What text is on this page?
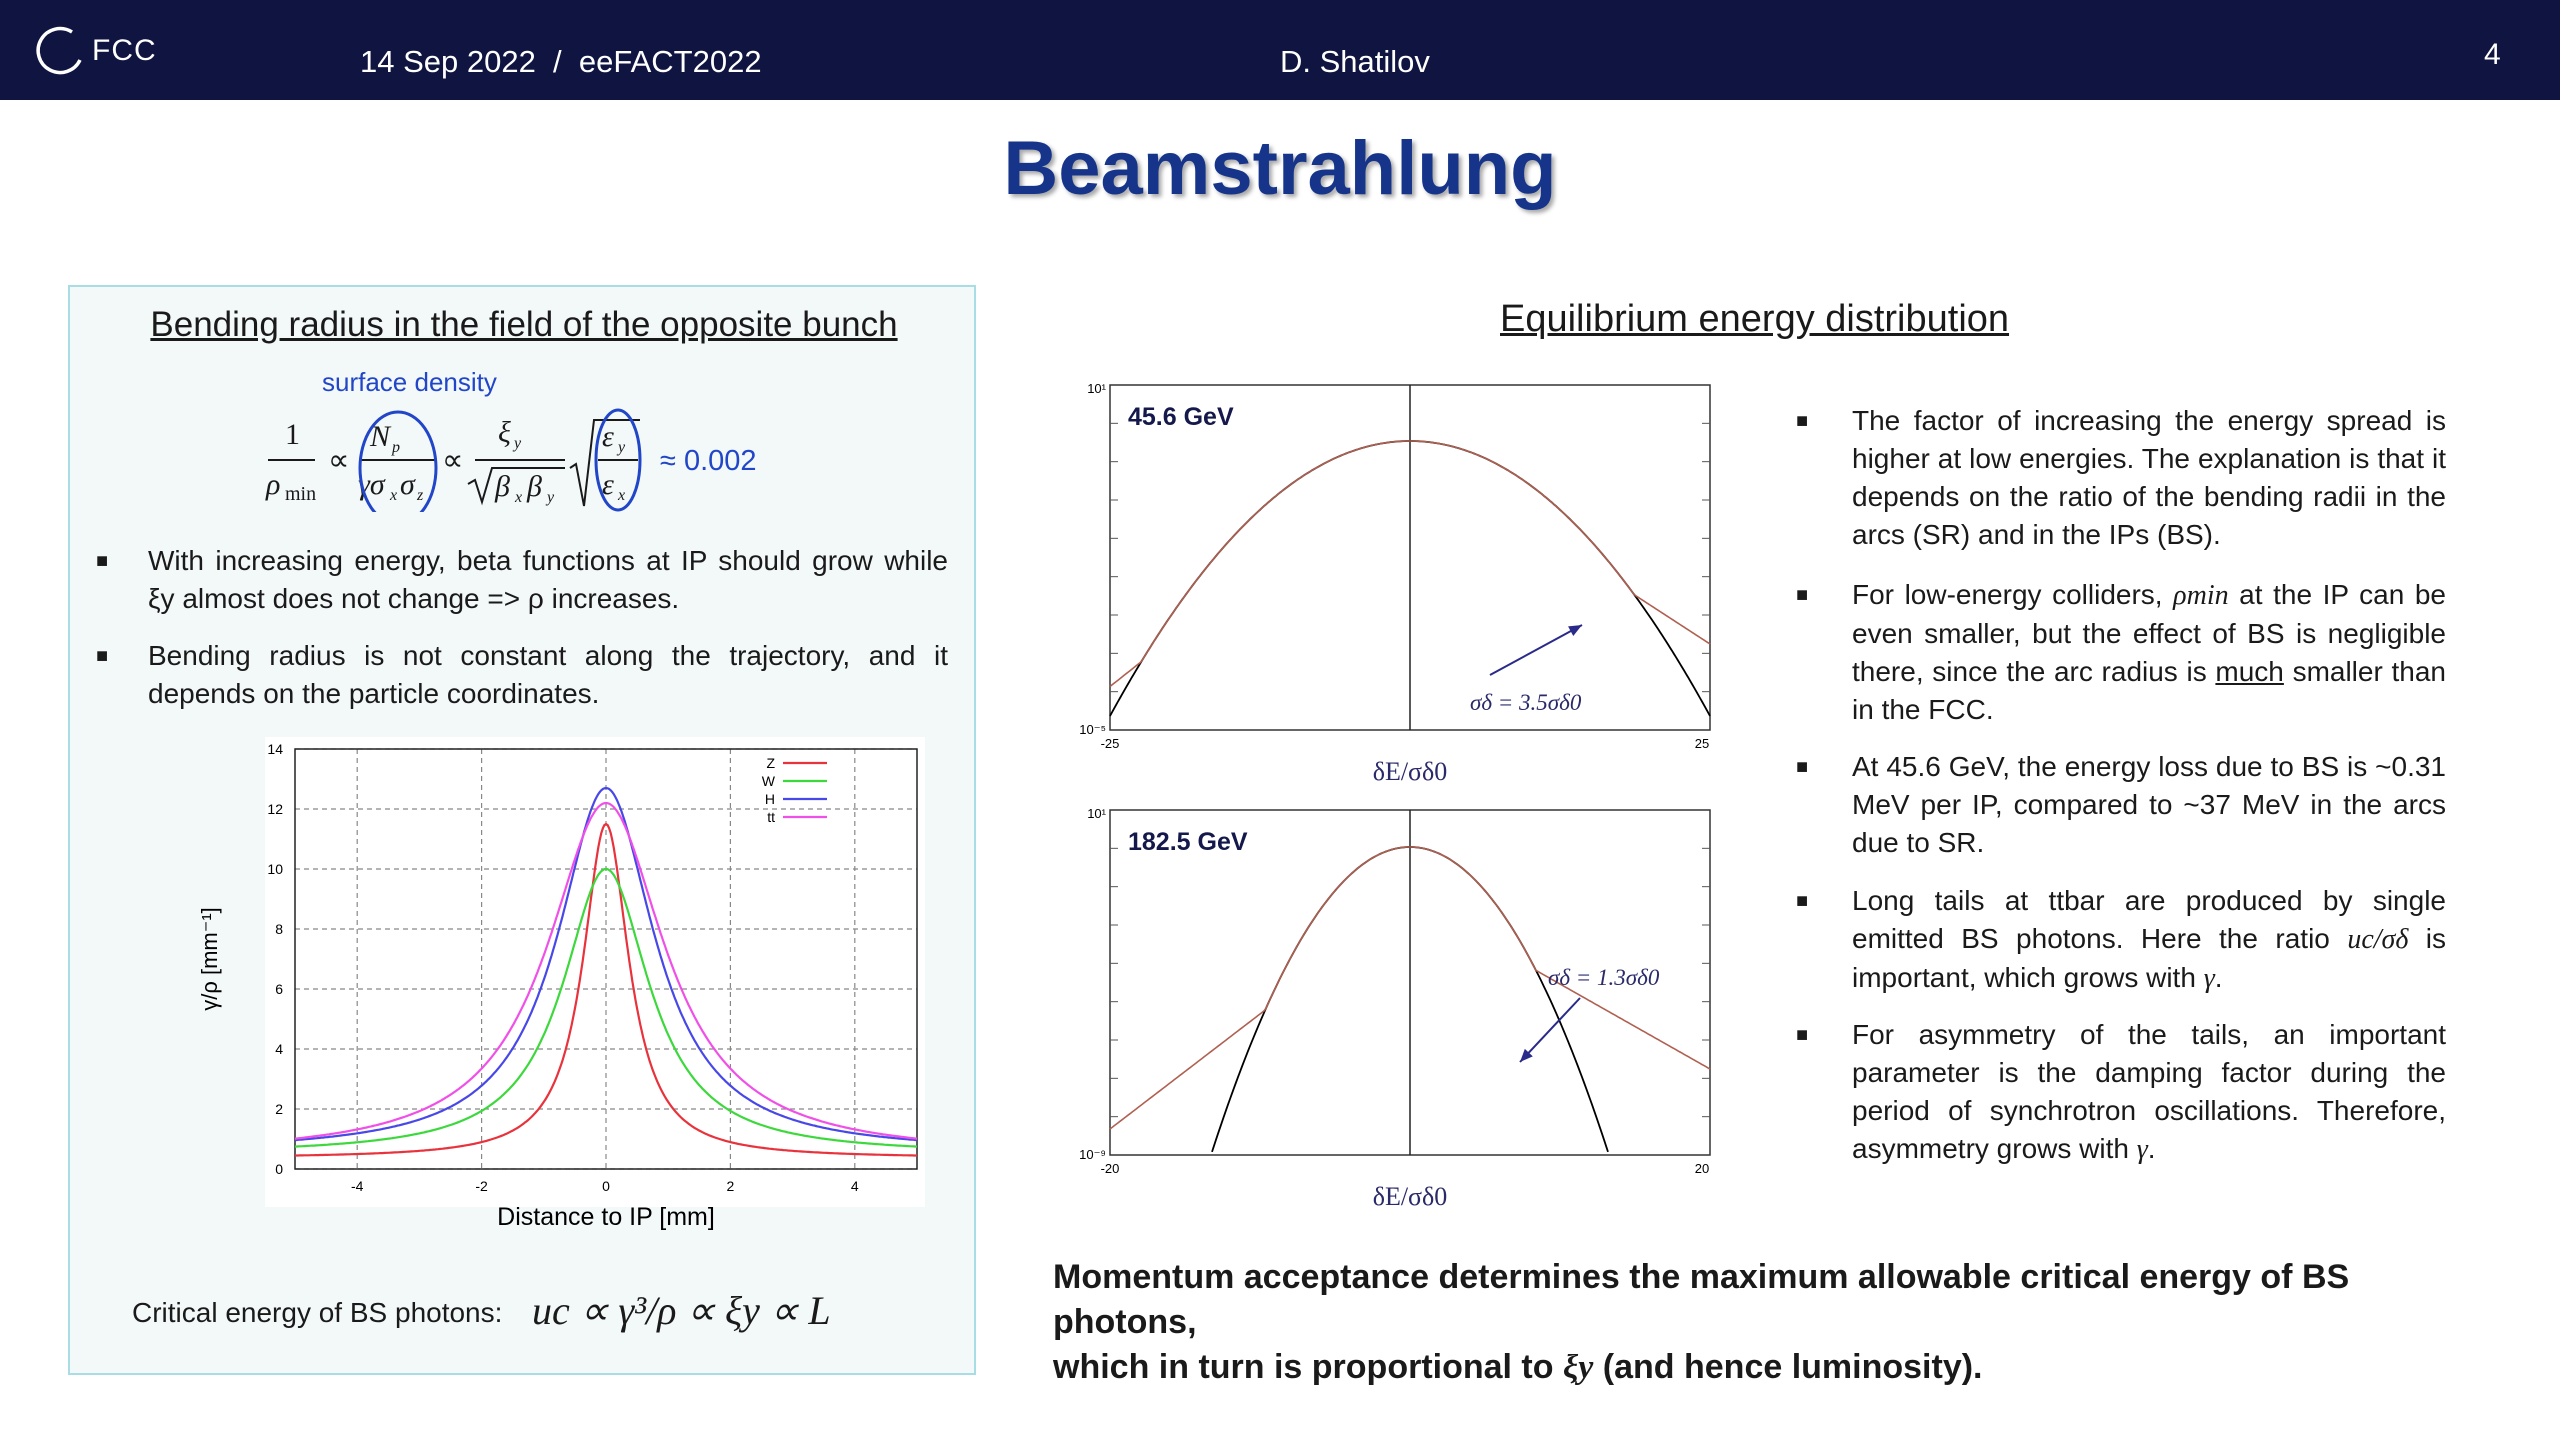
FCC	14 Sep 2022  /  eeFACT2022	D. Shatilov	4
Beamstrahlung
Bending radius in the field of the opposite bunch
surface density
1
ρ min
∝
N p
γσ x σ z
∝
ξ y
β x β y
ε y
ε x
≈ 0.002
■ With increasing energy, beta functions at IP should grow while ξy almost does not change => ρ increases.
■ Bending radius is not constant along the trajectory, and it depends on the particle coordinates.
-4	-2	0	2	4
0
2
4
6
8
10
12
14
Z
W
H
tt
γ/ρ [mm⁻¹]
Distance to IP [mm]
Critical energy of BS photons: uc ∝ γ³/ρ ∝ ξy ∝ L
Equilibrium energy distribution
10¹
10⁻⁵
-25	25
45.6 GeV
δE/σδ0
σδ = 3.5σδ0
10¹
10⁻⁹
-20	20
182.5 GeV
δE/σδ0
σδ = 1.3σδ0
■ The factor of increasing the energy spread is higher at low energies. The explanation is that it depends on the ratio of the bending radii in the arcs (SR) and in the IPs (BS).
■ For low-energy colliders, ρmin at the IP can be even smaller, but the effect of BS is negligible there, since the arc radius is much smaller than in the FCC.
■ At 45.6 GeV, the energy loss due to BS is ~0.31 MeV per IP, compared to ~37 MeV in the arcs due to SR.
■ Long tails at ttbar are produced by single emitted BS photons. Here the ratio uc/σδ is important, which grows with γ.
■ For asymmetry of the tails, an important parameter is the damping factor during the period of synchrotron oscillations. Therefore, asymmetry grows with γ.
Momentum acceptance determines the maximum allowable critical energy of BS photons,
which in turn is proportional to ξy (and hence luminosity).
